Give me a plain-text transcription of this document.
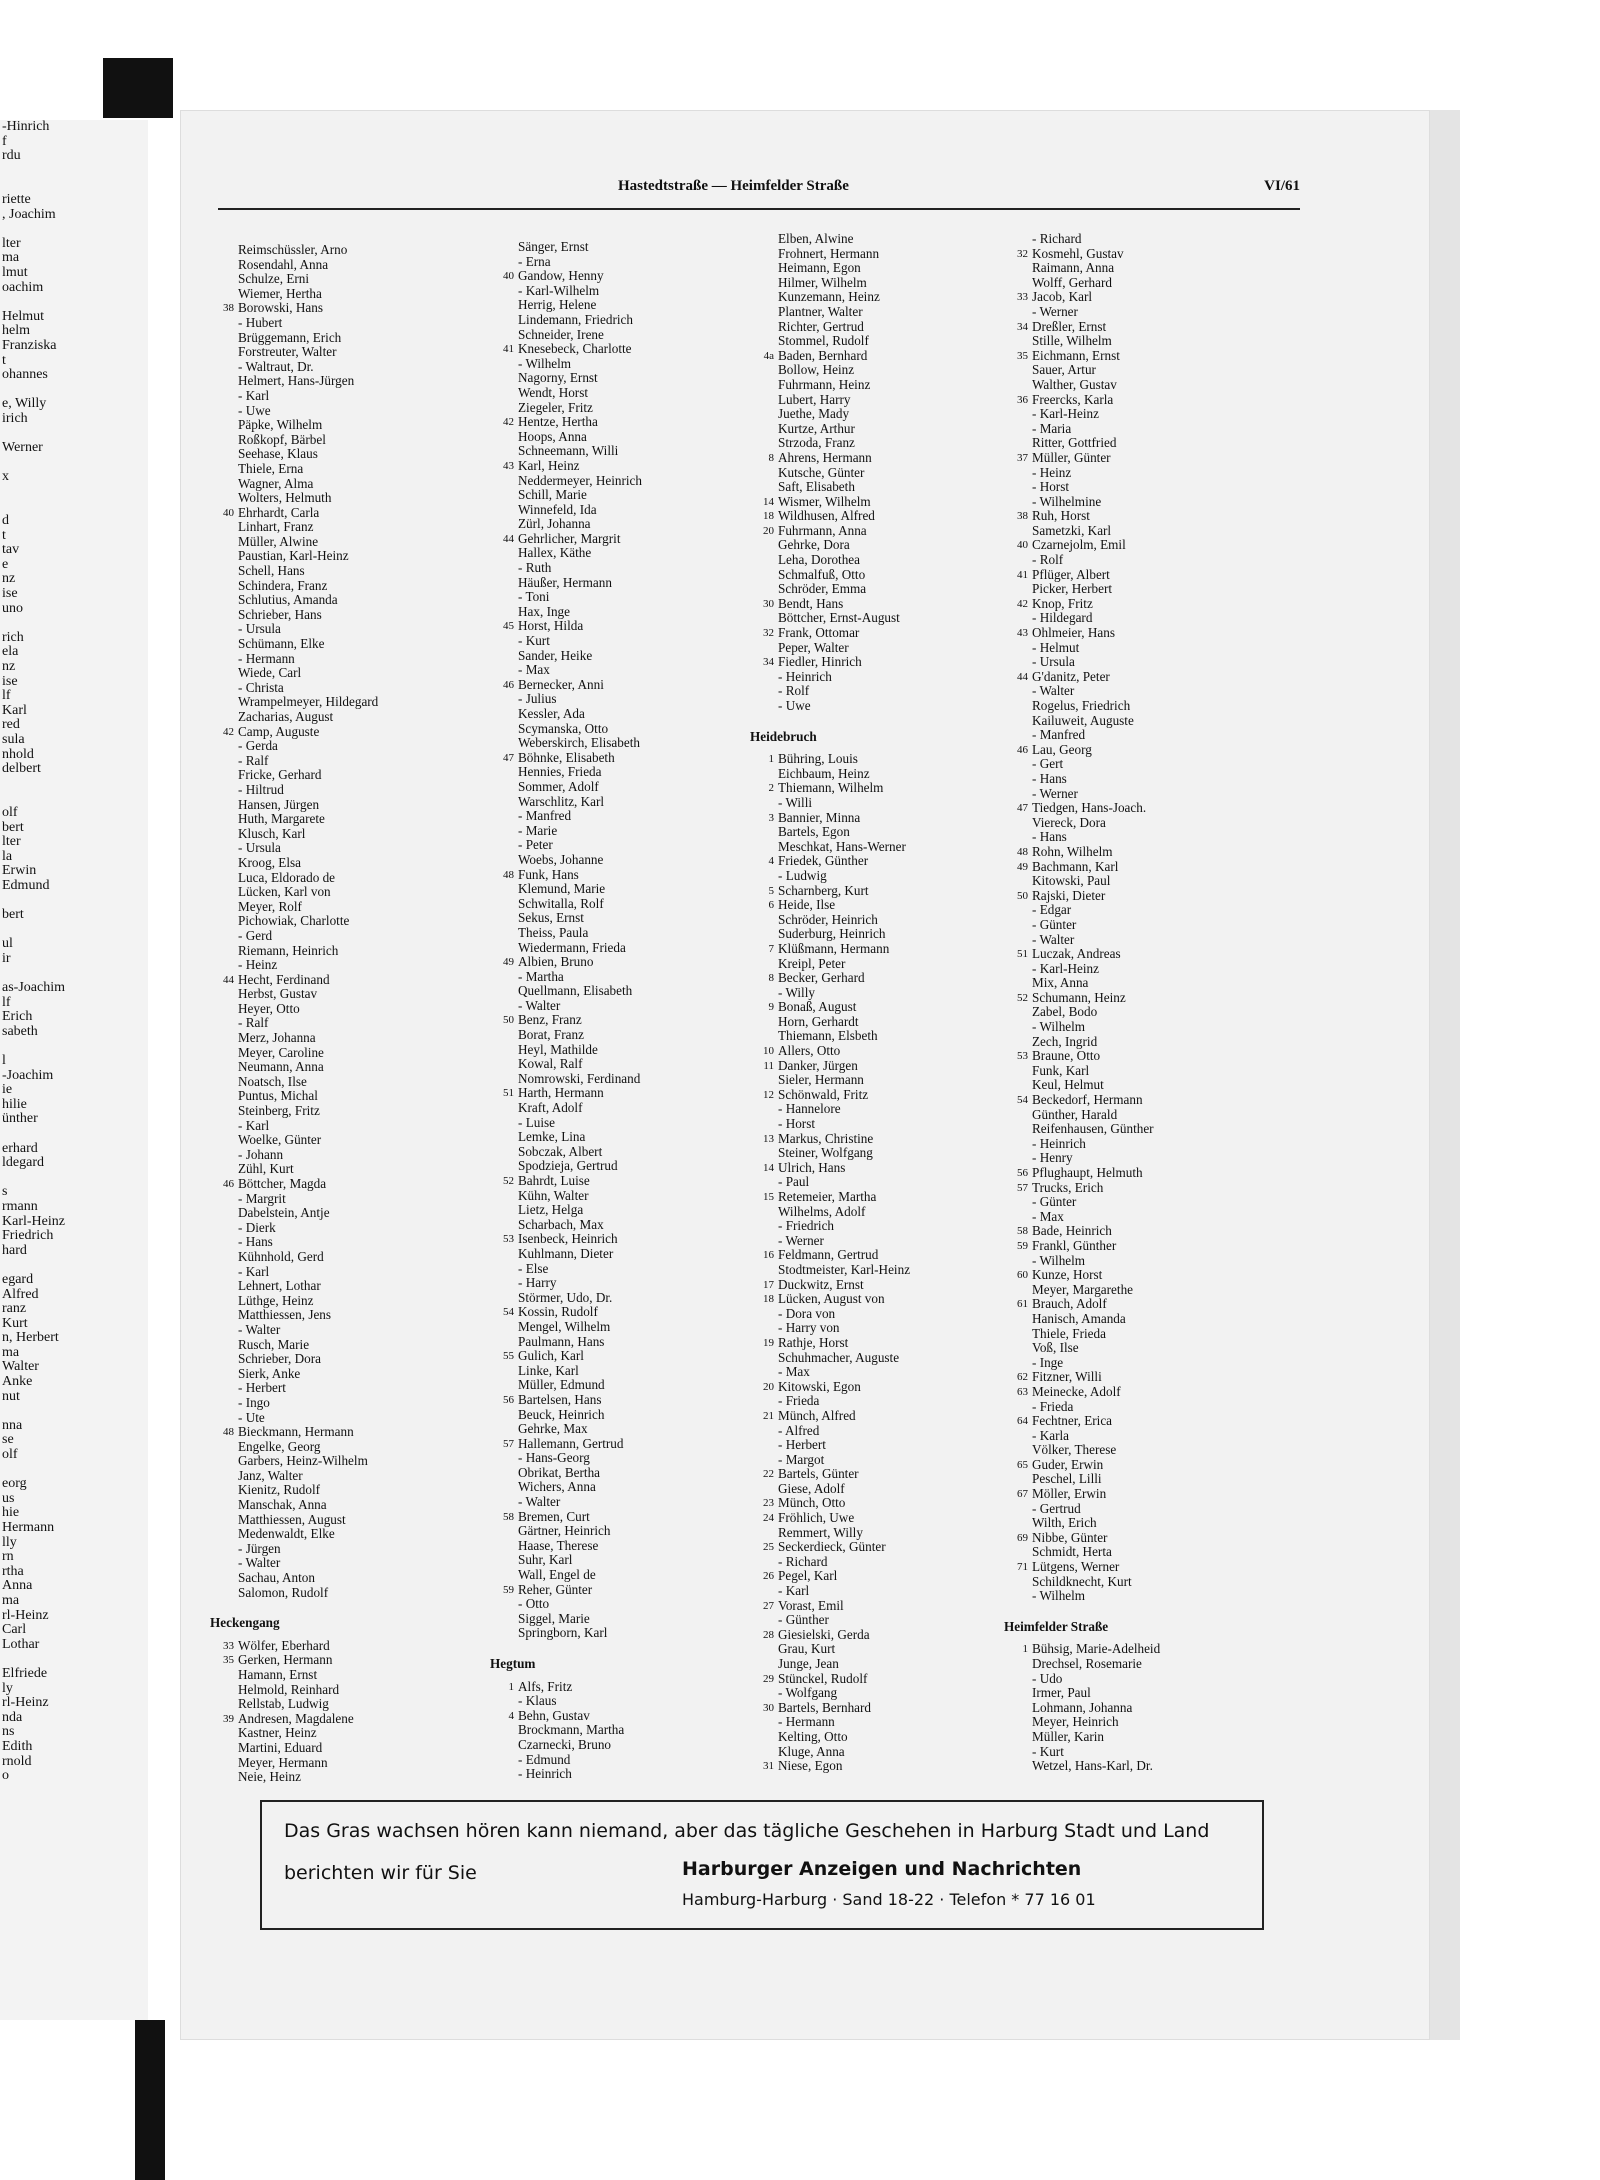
-Hinrich
f
rdu

riette
, Joachim

lter
ma
lmut
oachim

Helmut
helm
Franziska
t
ohannes

e, Willy
irich

Werner

x

d
t
tav
e
nz
ise
uno

rich
ela
nz
ise
lf
Karl
red
sula
nhold
delbert

olf
bert
lter
la
Erwin
Edmund

bert

ul
ir

as-Joachim
lf
Erich
sabeth

l
-Joachim
ie
hilie
ünther

erhard
ldegard

s
rmann
Karl-Heinz
Friedrich
hard

egard
Alfred
ranz
Kurt
n, Herbert
ma
Walter
Anke
nut

nna
se
olf

eorg
us
hie
Hermann
lly
rn
rtha
Anna
ma
rl-Heinz
Carl
Lothar

Elfriede
ly
rl-Heinz
nda
ns
Edith
rnold
o
Hastedtstraße — Heimfelder Straße	VI/61
Reimschüssler, Arno
Rosendahl, Anna
Schulze, Erni
Wiemer, Hertha
38 Borowski, Hans
- Hubert
Brüggemann, Erich
Forstreuter, Walter
- Waltraut, Dr.
Helmert, Hans-Jürgen
- Karl
- Uwe
Päpke, Wilhelm
Roßkopf, Bärbel
Seehase, Klaus
Thiele, Erna
Wagner, Alma
Wolters, Helmuth
40 Ehrhardt, Carla
Linhart, Franz
Müller, Alwine
Paustian, Karl-Heinz
Schell, Hans
Schindera, Franz
Schlutius, Amanda
Schrieber, Hans
- Ursula
Schümann, Elke
- Hermann
Wiede, Carl
- Christa
Wrampelmeyer, Hildegard
Zacharias, August
42 Camp, Auguste
- Gerda
- Ralf
Fricke, Gerhard
- Hiltrud
Hansen, Jürgen
Huth, Margarete
Klusch, Karl
- Ursula
Kroog, Elsa
Luca, Eldorado de
Lücken, Karl von
Meyer, Rolf
Pichowiak, Charlotte
- Gerd
Riemann, Heinrich
- Heinz
44 Hecht, Ferdinand
Herbst, Gustav
Heyer, Otto
- Ralf
Merz, Johanna
Meyer, Caroline
Neumann, Anna
Noatsch, Ilse
Puntus, Michal
Steinberg, Fritz
- Karl
Woelke, Günter
- Johann
Zühl, Kurt
46 Böttcher, Magda
- Margrit
Dabelstein, Antje
- Dierk
- Hans
Kühnhold, Gerd
- Karl
Lehnert, Lothar
Lüthge, Heinz
Matthiessen, Jens
- Walter
Rusch, Marie
Schrieber, Dora
Sierk, Anke
- Herbert
- Ingo
- Ute
48 Bieckmann, Hermann
Engelke, Georg
Garbers, Heinz-Wilhelm
Janz, Walter
Kienitz, Rudolf
Manschak, Anna
Matthiessen, August
Medenwaldt, Elke
- Jürgen
- Walter
Sachau, Anton
Salomon, Rudolf
Heckengang
33 Wölfer, Eberhard
35 Gerken, Hermann
Hamann, Ernst
Helmold, Reinhard
Rellstab, Ludwig
39 Andresen, Magdalene
Kastner, Heinz
Martini, Eduard
Meyer, Hermann
Neie, Heinz
Sänger, Ernst
- Erna
40 Gandow, Henny
- Karl-Wilhelm
Herrig, Helene
Lindemann, Friedrich
Schneider, Irene
41 Knesebeck, Charlotte
- Wilhelm
Nagorny, Ernst
Wendt, Horst
Ziegeler, Fritz
42 Hentze, Hertha
Hoops, Anna
Schneemann, Willi
43 Karl, Heinz
Neddermeyer, Heinrich
Schill, Marie
Winnefeld, Ida
Zürl, Johanna
44 Gehrlicher, Margrit
Hallex, Käthe
- Ruth
Häußer, Hermann
- Toni
Hax, Inge
45 Horst, Hilda
- Kurt
Sander, Heike
- Max
46 Bernecker, Anni
- Julius
Kessler, Ada
Scymanska, Otto
Weberskirch, Elisabeth
47 Böhnke, Elisabeth
Hennies, Frieda
Sommer, Adolf
Warschlitz, Karl
- Manfred
- Marie
- Peter
Woebs, Johanne
48 Funk, Hans
Klemund, Marie
Schwitalla, Rolf
Sekus, Ernst
Theiss, Paula
Wiedermann, Frieda
49 Albien, Bruno
- Martha
Quellmann, Elisabeth
- Walter
50 Benz, Franz
Borat, Franz
Heyl, Mathilde
Kowal, Ralf
Nomrowski, Ferdinand
51 Harth, Hermann
Kraft, Adolf
- Luise
Lemke, Lina
Sobczak, Albert
Spodzieja, Gertrud
52 Bahrdt, Luise
Kühn, Walter
Lietz, Helga
Scharbach, Max
53 Isenbeck, Heinrich
Kuhlmann, Dieter
- Else
- Harry
Störmer, Udo, Dr.
54 Kossin, Rudolf
Mengel, Wilhelm
Paulmann, Hans
55 Gulich, Karl
Linke, Karl
Müller, Edmund
56 Bartelsen, Hans
Beuck, Heinrich
Gehrke, Max
57 Hallemann, Gertrud
- Hans-Georg
Obrikat, Bertha
Wichers, Anna
- Walter
58 Bremen, Curt
Gärtner, Heinrich
Haase, Therese
Suhr, Karl
Wall, Engel de
59 Reher, Günter
- Otto
Siggel, Marie
Springborn, Karl
Hegtum
1 Alfs, Fritz
- Klaus
4 Behn, Gustav
Brockmann, Martha
Czarnecki, Bruno
- Edmund
- Heinrich
Elben, Alwine
Frohnert, Hermann
Heimann, Egon
Hilmer, Wilhelm
Kunzemann, Heinz
Plantner, Walter
Richter, Gertrud
Stommel, Rudolf
4a Baden, Bernhard
Bollow, Heinz
Fuhrmann, Heinz
Lubert, Harry
Juethe, Mady
Kurtze, Arthur
Strzoda, Franz
8 Ahrens, Hermann
Kutsche, Günter
Saft, Elisabeth
14 Wismer, Wilhelm
18 Wildhusen, Alfred
20 Fuhrmann, Anna
Gehrke, Dora
Leha, Dorothea
Schmalfuß, Otto
Schröder, Emma
30 Bendt, Hans
Böttcher, Ernst-August
32 Frank, Ottomar
Peper, Walter
34 Fiedler, Hinrich
- Heinrich
- Rolf
- Uwe
Heidebruch
1 Bühring, Louis
Eichbaum, Heinz
2 Thiemann, Wilhelm
- Willi
3 Bannier, Minna
Bartels, Egon
Meschkat, Hans-Werner
4 Friedek, Günther
- Ludwig
5 Scharnberg, Kurt
6 Heide, Ilse
Schröder, Heinrich
Suderburg, Heinrich
7 Klüßmann, Hermann
Kreipl, Peter
8 Becker, Gerhard
- Willy
9 Bonaß, August
Horn, Gerhardt
Thiemann, Elsbeth
10 Allers, Otto
11 Danker, Jürgen
Sieler, Hermann
12 Schönwald, Fritz
- Hannelore
- Horst
13 Markus, Christine
Steiner, Wolfgang
14 Ulrich, Hans
- Paul
15 Retemeier, Martha
Wilhelms, Adolf
- Friedrich
- Werner
16 Feldmann, Gertrud
Stodtmeister, Karl-Heinz
17 Duckwitz, Ernst
18 Lücken, August von
- Dora von
- Harry von
19 Rathje, Horst
Schuhmacher, Auguste
- Max
20 Kitowski, Egon
- Frieda
21 Münch, Alfred
- Alfred
- Herbert
- Margot
22 Bartels, Günter
Giese, Adolf
23 Münch, Otto
24 Fröhlich, Uwe
Remmert, Willy
25 Seckerdieck, Günter
- Richard
26 Pegel, Karl
- Karl
27 Vorast, Emil
- Günther
28 Giesielski, Gerda
Grau, Kurt
Junge, Jean
29 Stünckel, Rudolf
- Wolfgang
30 Bartels, Bernhard
- Hermann
Kelting, Otto
Kluge, Anna
31 Niese, Egon
- Richard
32 Kosmehl, Gustav
Raimann, Anna
Wolff, Gerhard
33 Jacob, Karl
- Werner
34 Dreßler, Ernst
Stille, Wilhelm
35 Eichmann, Ernst
Sauer, Artur
Walther, Gustav
36 Freercks, Karla
- Karl-Heinz
- Maria
Ritter, Gottfried
37 Müller, Günter
- Heinz
- Horst
- Wilhelmine
38 Ruh, Horst
Sametzki, Karl
40 Czarnejolm, Emil
- Rolf
41 Pflüger, Albert
Picker, Herbert
42 Knop, Fritz
- Hildegard
43 Ohlmeier, Hans
- Helmut
- Ursula
44 G'danitz, Peter
- Walter
Rogelus, Friedrich
Kailuweit, Auguste
- Manfred
46 Lau, Georg
- Gert
- Hans
- Werner
47 Tiedgen, Hans-Joach.
Viereck, Dora
- Hans
48 Rohn, Wilhelm
49 Bachmann, Karl
Kitowski, Paul
50 Rajski, Dieter
- Edgar
- Günter
- Walter
51 Luczak, Andreas
- Karl-Heinz
Mix, Anna
52 Schumann, Heinz
Zabel, Bodo
- Wilhelm
Zech, Ingrid
53 Braune, Otto
Funk, Karl
Keul, Helmut
54 Beckedorf, Hermann
Günther, Harald
Reifenhausen, Günther
- Heinrich
- Henry
56 Pflughaupt, Helmuth
57 Trucks, Erich
- Günter
- Max
58 Bade, Heinrich
59 Frankl, Günther
- Wilhelm
60 Kunze, Horst
Meyer, Margarethe
61 Brauch, Adolf
Hanisch, Amanda
Thiele, Frieda
Voß, Ilse
- Inge
62 Fitzner, Willi
63 Meinecke, Adolf
- Frieda
64 Fechtner, Erica
- Karla
Völker, Therese
65 Guder, Erwin
Peschel, Lilli
67 Möller, Erwin
- Gertrud
Wilth, Erich
69 Nibbe, Günter
Schmidt, Herta
71 Lütgens, Werner
Schildknecht, Kurt
- Wilhelm
Heimfelder Straße
1 Bühsig, Marie-Adelheid
Drechsel, Rosemarie
- Udo
Irmer, Paul
Lohmann, Johanna
Meyer, Heinrich
Müller, Karin
- Kurt
Wetzel, Hans-Karl, Dr.
Das Gras wachsen hören kann niemand, aber das tägliche Geschehen in Harburg Stadt und Land
berichten wir für Sie	Harburger Anzeigen und Nachrichten
Hamburg-Harburg · Sand 18-22 · Telefon * 77 16 01
